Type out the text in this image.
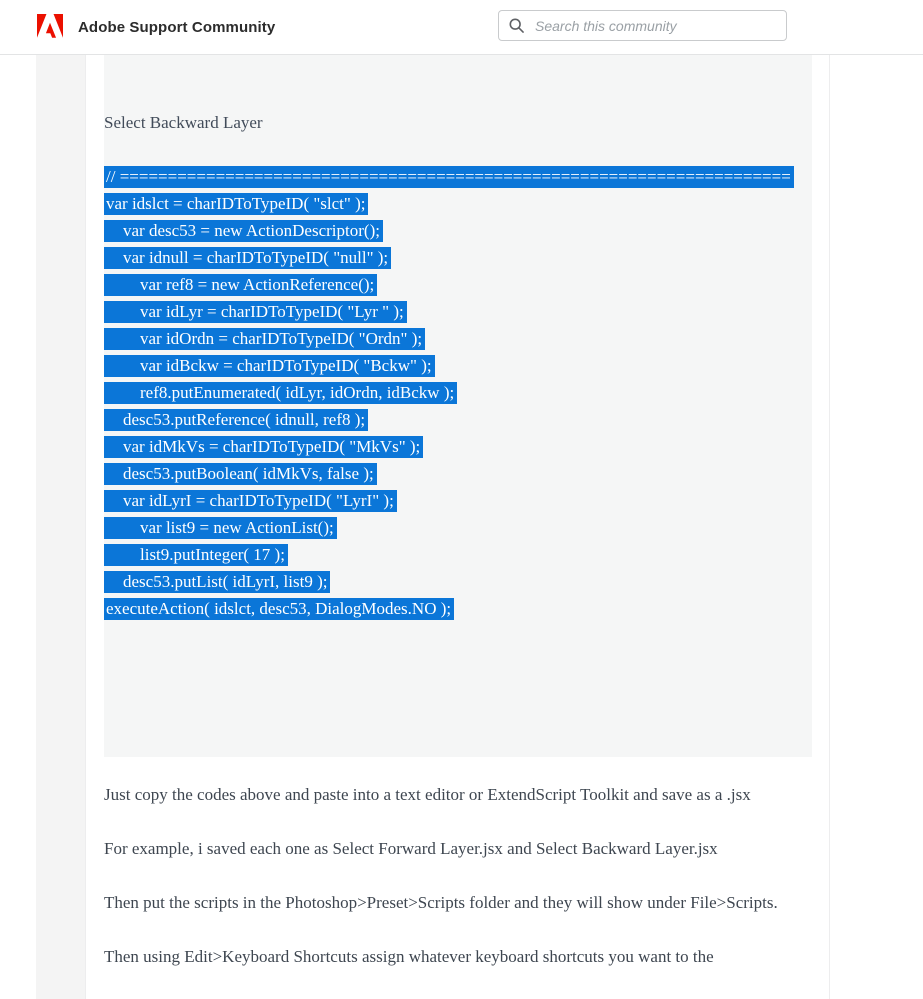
Adobe Support Community
Search this community
Select Backward Layer
// ======================================================================
var idslct = charIDToTypeID( "slct" );
var desc53 = new ActionDescriptor();
var idnull = charIDToTypeID( "null" );
var ref8 = new ActionReference();
var idLyr = charIDToTypeID( "Lyr " );
var idOrdn = charIDToTypeID( "Ordn" );
var idBckw = charIDToTypeID( "Bckw" );
ref8.putEnumerated( idLyr, idOrdn, idBckw );
desc53.putReference( idnull, ref8 );
var idMkVs = charIDToTypeID( "MkVs" );
desc53.putBoolean( idMkVs, false );
var idLyrI = charIDToTypeID( "LyrI" );
var list9 = new ActionList();
list9.putInteger( 17 );
desc53.putList( idLyrI, list9 );
executeAction( idslct, desc53, DialogModes.NO );

Just copy the codes above and paste into a text editor or ExtendScript Toolkit and save as a .jsx

For example, i saved each one as Select Forward Layer.jsx and Select Backward Layer.jsx

Then put the scripts in the Photoshop>Preset>Scripts folder and they will show under File>Scripts.

Then using Edit>Keyboard Shortcuts assign whatever keyboard shortcuts you want to the
